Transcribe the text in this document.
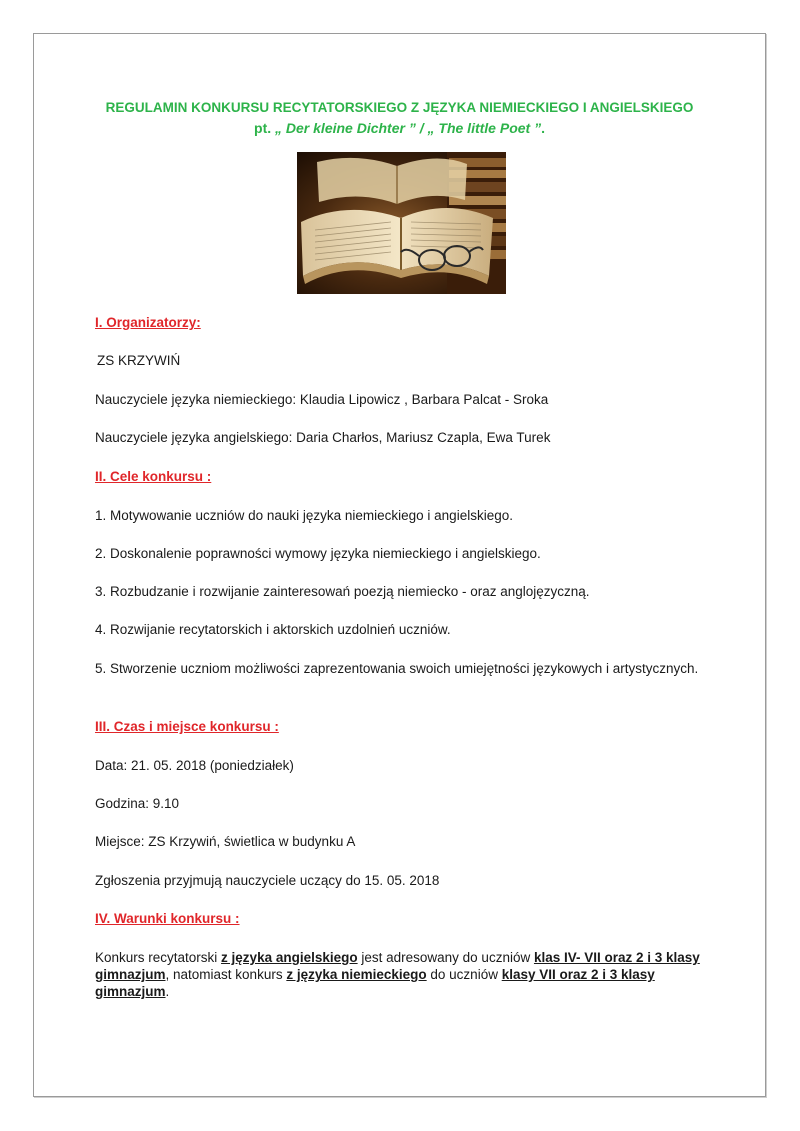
REGULAMIN KONKURSU RECYTATORSKIEGO Z JĘZYKA NIEMIECKIEGO I ANGIELSKIEGO
pt. „ Der kleine Dichter ” / „ The little Poet ”.
I. Organizatorzy:
ZS KRZYWIŃ
Nauczyciele języka niemieckiego: Klaudia Lipowicz , Barbara Palcat - Sroka
Nauczyciele języka angielskiego: Daria Charłos, Mariusz Czapla, Ewa Turek
II. Cele konkursu :
1. Motywowanie uczniów do nauki języka niemieckiego i angielskiego.
2. Doskonalenie poprawności wymowy języka niemieckiego i angielskiego.
3. Rozbudzanie i rozwijanie zainteresowań poezją niemiecko - oraz anglojęzyczną.
4. Rozwijanie recytatorskich i aktorskich uzdolnień uczniów.
5. Stworzenie uczniom możliwości zaprezentowania swoich umiejętności językowych i artystycznych.
III. Czas i miejsce konkursu :
Data: 21. 05. 2018 (poniedziałek)
Godzina: 9.10
Miejsce: ZS Krzywiń, świetlica w budynku A
Zgłoszenia przyjmują nauczyciele uczący do 15. 05. 2018
IV. Warunki konkursu :
Konkurs recytatorski z języka angielskiego jest adresowany do uczniów klas IV- VII oraz 2 i 3 klasy gimnazjum, natomiast konkurs z języka niemieckiego do uczniów klasy VII oraz 2 i 3 klasy gimnazjum.
